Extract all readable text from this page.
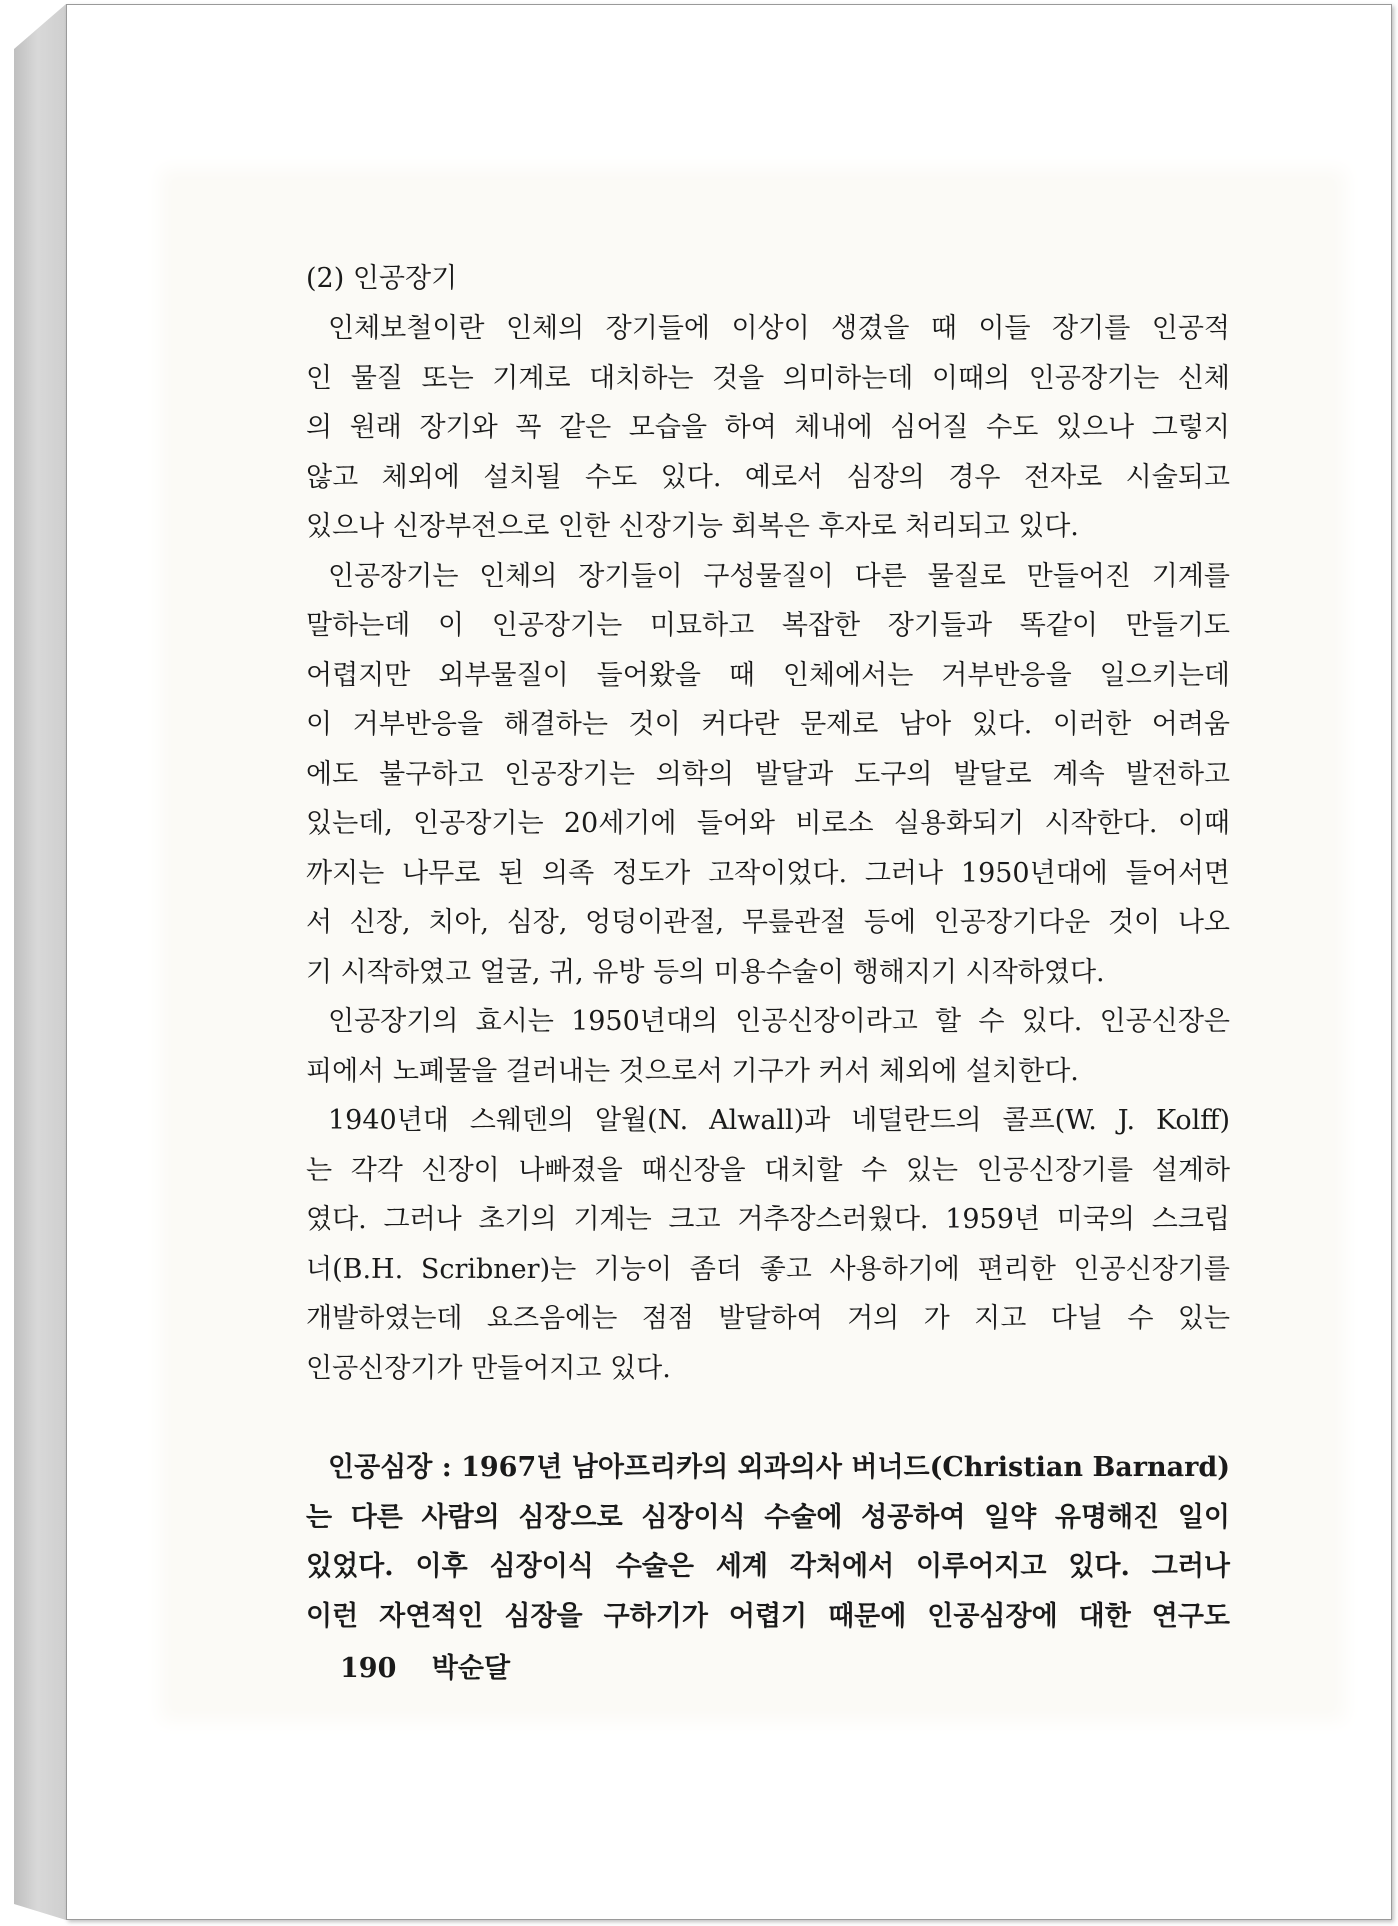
(2) 인공장기
인체보철이란 인체의 장기들에 이상이 생겼을 때 이들 장기를 인공적
인 물질 또는 기계로 대치하는 것을 의미하는데 이때의 인공장기는 신체
의 원래 장기와 꼭 같은 모습을 하여 체내에 심어질 수도 있으나 그렇지
않고 체외에 설치될 수도 있다. 예로서 심장의 경우 전자로 시술되고
있으나 신장부전으로 인한 신장기능 회복은 후자로 처리되고 있다.
인공장기는 인체의 장기들이 구성물질이 다른 물질로 만들어진 기계를
말하는데 이 인공장기는 미묘하고 복잡한 장기들과 똑같이 만들기도
어렵지만 외부물질이 들어왔을 때 인체에서는 거부반응을 일으키는데
이 거부반응을 해결하는 것이 커다란 문제로 남아 있다. 이러한 어려움
에도 불구하고 인공장기는 의학의 발달과 도구의 발달로 계속 발전하고
있는데, 인공장기는 20세기에 들어와 비로소 실용화되기 시작한다. 이때
까지는 나무로 된 의족 정도가 고작이었다. 그러나 1950년대에 들어서면
서 신장, 치아, 심장, 엉덩이관절, 무릎관절 등에 인공장기다운 것이 나오
기 시작하였고 얼굴, 귀, 유방 등의 미용수술이 행해지기 시작하였다.
인공장기의 효시는 1950년대의 인공신장이라고 할 수 있다. 인공신장은
피에서 노폐물을 걸러내는 것으로서 기구가 커서 체외에 설치한다.
1940년대 스웨덴의 알월(N. Alwall)과 네덜란드의 콜프(W. J. Kolff)
는 각각 신장이 나빠졌을 때신장을 대치할 수 있는 인공신장기를 설계하
였다. 그러나 초기의 기계는 크고 거추장스러웠다. 1959년 미국의 스크립
너(B.H. Scribner)는 기능이 좀더 좋고 사용하기에 편리한 인공신장기를
개발하였는데 요즈음에는 점점 발달하여 거의 가 지고 다닐 수 있는
인공신장기가 만들어지고 있다.
인공심장 : 1967년 남아프리카의 외과의사 버너드(Christian Barnard)
는 다른 사람의 심장으로 심장이식 수술에 성공하여 일약 유명해진 일이
있었다. 이후 심장이식 수술은 세계 각처에서 이루어지고 있다. 그러나
이런 자연적인 심장을 구하기가 어렵기 때문에 인공심장에 대한 연구도
190 박순달
